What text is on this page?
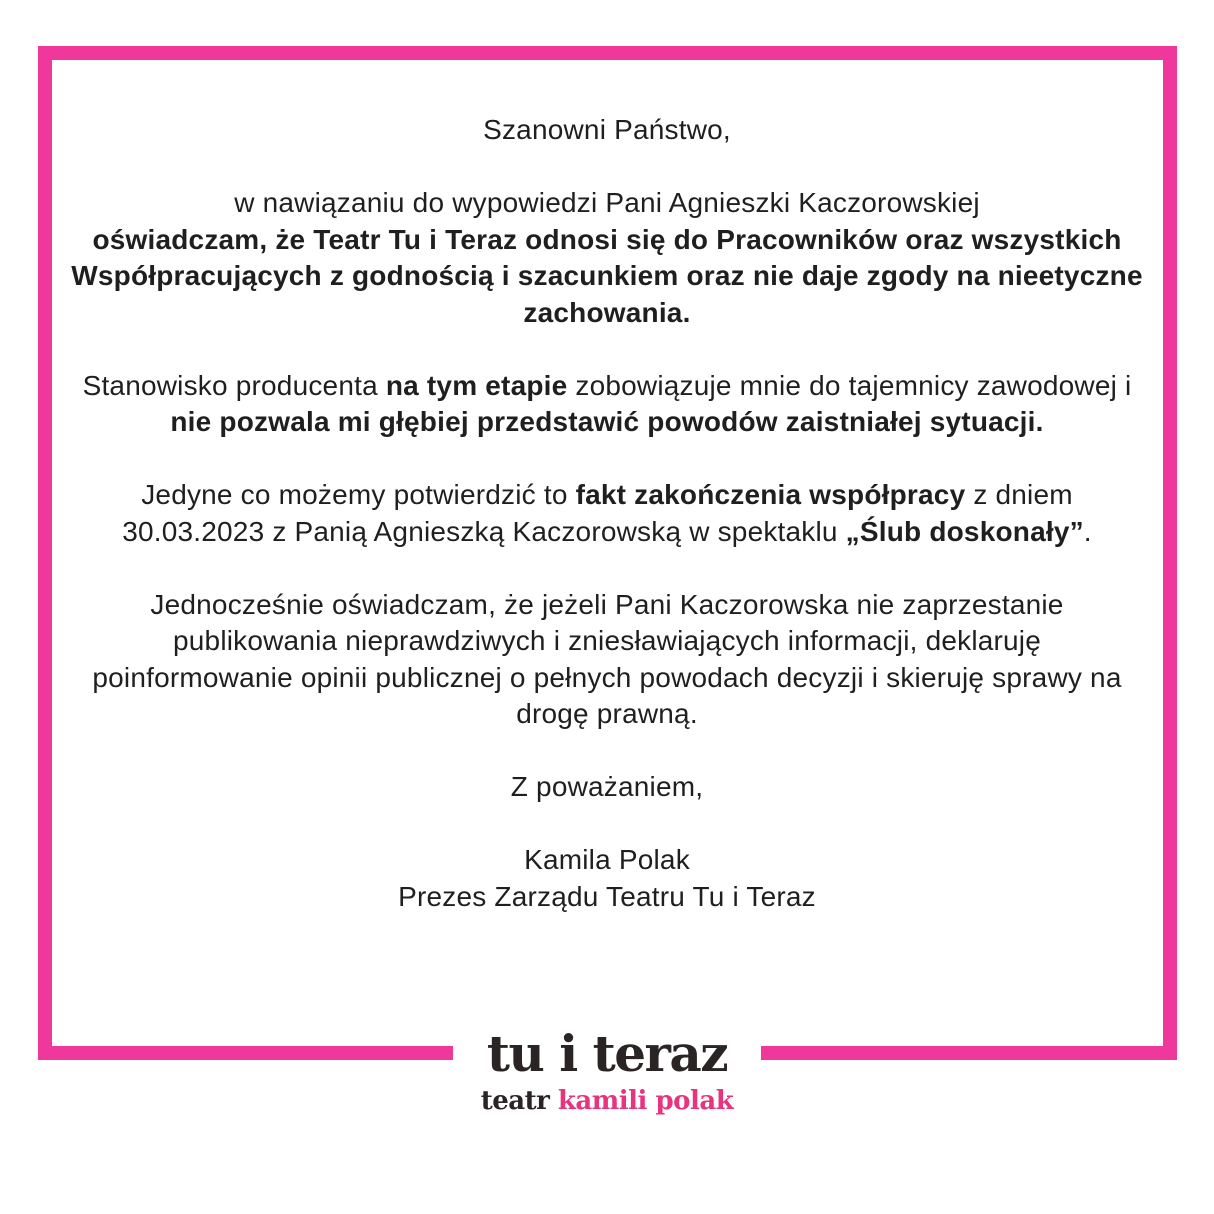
Szanowni Państwo,

w nawiązaniu do wypowiedzi Pani Agnieszki Kaczorowskiej
oświadczam, że Teatr Tu i Teraz odnosi się do Pracowników oraz wszystkich Współpracujących z godnością i szacunkiem oraz nie daje zgody na nieetyczne zachowania.

Stanowisko producenta na tym etapie zobowiązuje mnie do tajemnicy zawodowej i nie pozwala mi głębiej przedstawić powodów zaistniałej sytuacji.

Jedyne co możemy potwierdzić to fakt zakończenia współpracy z dniem 30.03.2023 z Panią Agnieszką Kaczorowską w spektaklu „Ślub doskonały”.

Jednocześnie oświadczam, że jeżeli Pani Kaczorowska nie zaprzestanie publikowania nieprawdziwych i zniesławiających informacji, deklaruję poinformowanie opinii publicznej o pełnych powodach decyzji i skieruję sprawy na drogę prawną.

Z poważaniem,

Kamila Polak
Prezes Zarządu Teatru Tu i Teraz

tu i teraz
teatr kamili polak
